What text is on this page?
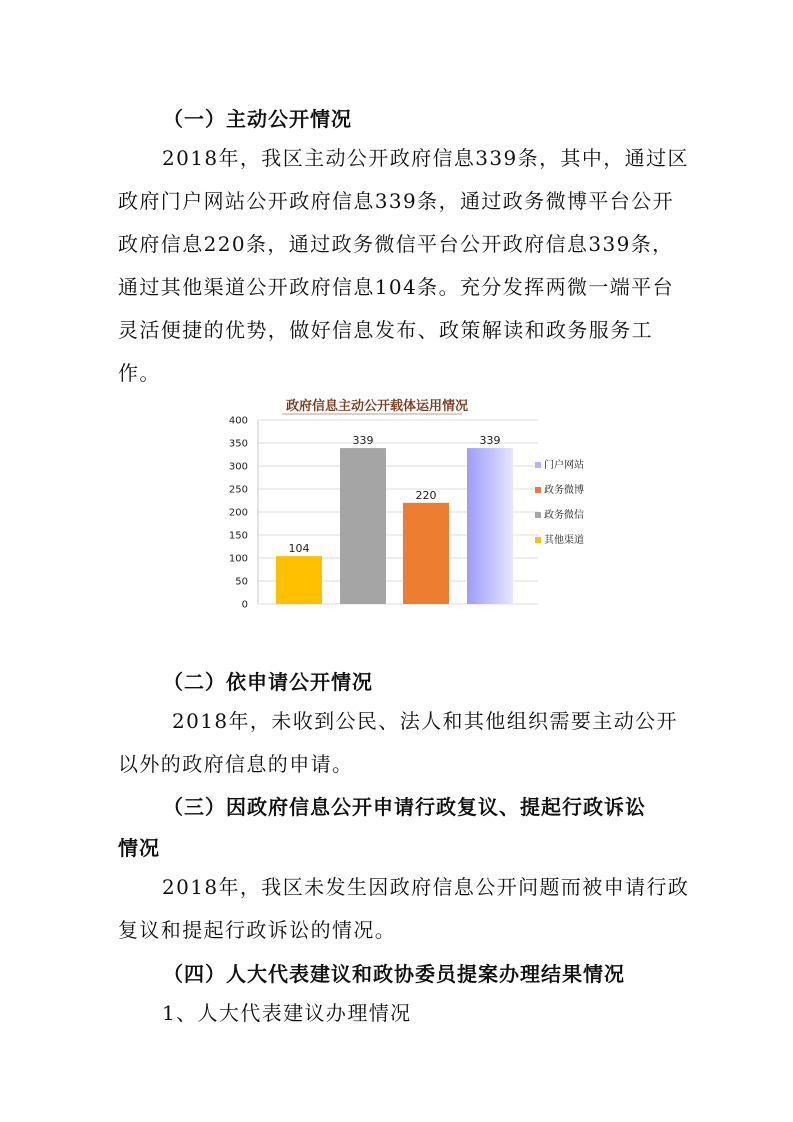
（一）主动公开情况
2018年，我区主动公开政府信息339条，其中，通过区
政府门户网站公开政府信息339条，通过政务微博平台公开
政府信息220条，通过政务微信平台公开政府信息339条，
通过其他渠道公开政府信息104条。充分发挥两微一端平台
灵活便捷的优势，做好信息发布、政策解读和政务服务工
作。
政府信息主动公开载体运用情况
0
50
100
150
200
250
300
350
400
104
339
220
339
门户网站
政务微博
政务微信
其他渠道
（二）依申请公开情况
2018年，未收到公民、法人和其他组织需要主动公开
以外的政府信息的申请。
（三）因政府信息公开申请行政复议、提起行政诉讼
情况
2018年，我区未发生因政府信息公开问题而被申请行政
复议和提起行政诉讼的情况。
（四）人大代表建议和政协委员提案办理结果情况
1、人大代表建议办理情况
